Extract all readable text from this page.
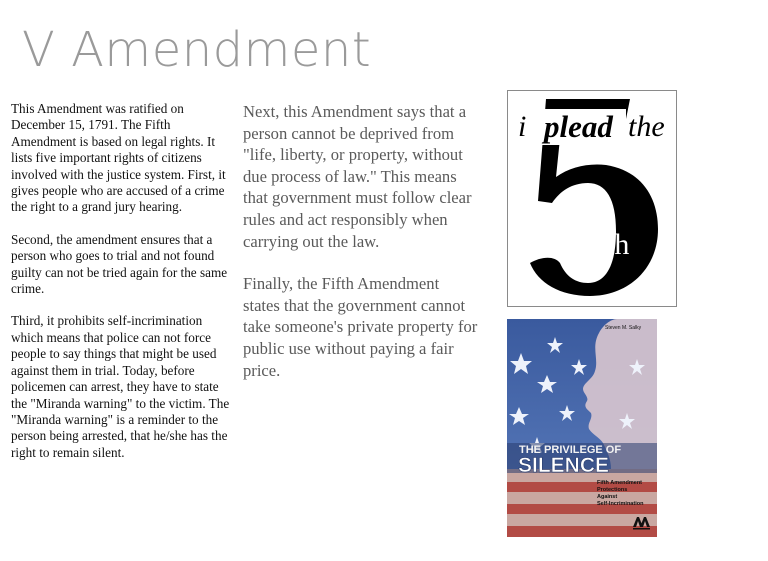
V Amendment

This Amendment was ratified on December 15, 1791. The Fifth Amendment is based on legal rights. It lists five important rights of citizens involved with the justice system. First, it gives people who are accused of a crime the right to a grand jury hearing.

Second, the amendment ensures that a person who goes to trial and not found guilty can not be tried again for the same crime.

Third, it prohibits self-incrimination which means that police can not force people to say things that might be used against them in trial. Today, before policemen can arrest, they have to state the "Miranda warning" to the victim. The "Miranda warning" is a reminder to the person being arrested, that he/she has the right to remain silent.

Next, this Amendment says that a person cannot be deprived from "life, liberty, or property, without due process of law." This means that government must follow clear rules and act responsibly when carrying out the law.

Finally, the Fifth Amendment states that the government cannot take someone's private property for public use without paying a fair price.

i plead the
th
Steven M. Salky
THE PRIVILEGE OF
SILENCE
Fifth Amendment
Protections
Against
Self-Incrimination
